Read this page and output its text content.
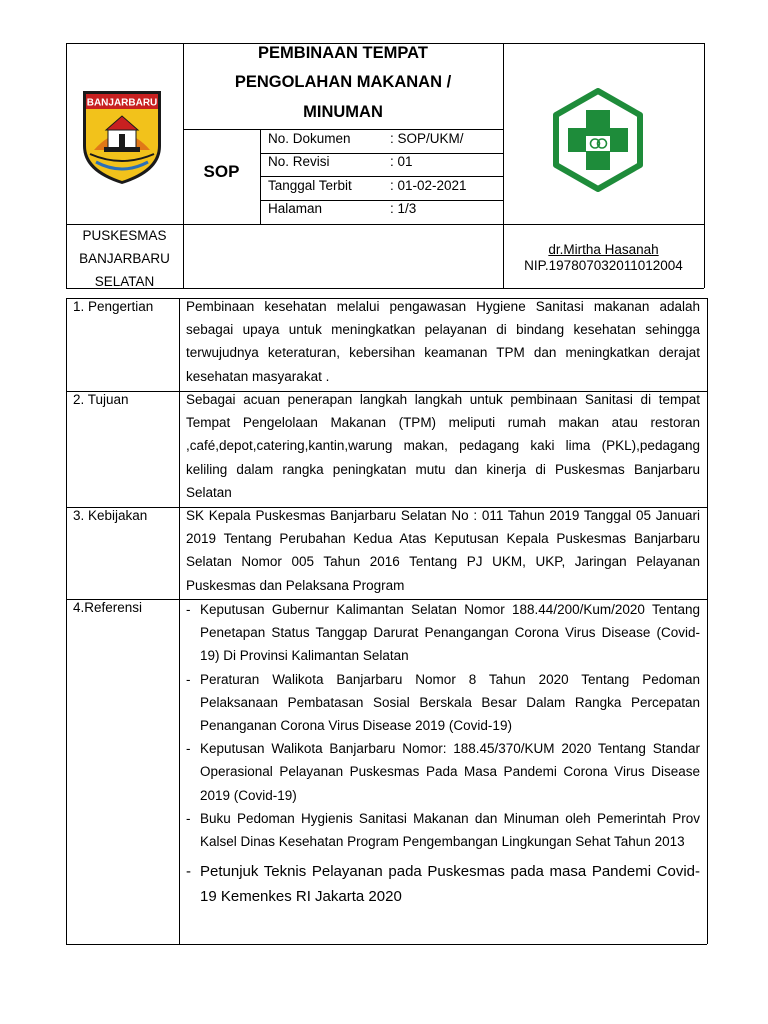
BANJARBARU
PEMBINAAN TEMPAT
PENGOLAHAN MAKANAN /
MINUMAN
SOP
No. Dokumen	: SOP/UKM/
No. Revisi	: 01
Tanggal Terbit	: 01-02-2021
Halaman	: 1/3
PUSKESMAS
BANJARBARU
SELATAN
dr.Mirtha Hasanah
NIP.197807032011012004
1. Pengertian Pembinaan kesehatan melalui pengawasan Hygiene Sanitasi makanan adalah sebagai upaya untuk meningkatkan pelayanan di bindang kesehatan sehingga terwujudnya keteraturan, kebersihan keamanan TPM dan meningkatkan derajat kesehatan masyarakat .
2. Tujuan	Sebagai acuan penerapan langkah langkah untuk pembinaan Sanitasi di tempat Tempat Pengelolaan Makanan (TPM) meliputi rumah makan atau restoran ,café,depot,catering,kantin,warung makan, pedagang kaki lima (PKL),pedagang keliling dalam rangka peningkatan mutu dan kinerja di Puskesmas Banjarbaru Selatan
3. Kebijakan	SK Kepala Puskesmas Banjarbaru Selatan No : 011 Tahun 2019 Tanggal 05 Januari 2019 Tentang Perubahan Kedua Atas Keputusan Kepala Puskesmas Banjarbaru Selatan Nomor 005 Tahun 2016 Tentang PJ UKM, UKP, Jaringan Pelayanan Puskesmas dan Pelaksana Program
4.Referensi	- Keputusan Gubernur Kalimantan Selatan Nomor 188.44/200/Kum/2020 Tentang Penetapan Status Tanggap Darurat Penangangan Corona Virus Disease (Covid-19) Di Provinsi Kalimantan Selatan

- Peraturan Walikota Banjarbaru Nomor 8 Tahun 2020 Tentang Pedoman Pelaksanaan Pembatasan Sosial Berskala Besar Dalam Rangka Percepatan Penanganan Corona Virus Disease 2019 (Covid-19)

- Keputusan Walikota Banjarbaru Nomor: 188.45/370/KUM 2020 Tentang Standar Operasional Pelayanan Puskesmas Pada Masa Pandemi Corona Virus Disease 2019 (Covid-19)

- Buku Pedoman Hygienis Sanitasi Makanan dan Minuman oleh Pemerintah Prov Kalsel Dinas Kesehatan Program Pengembangan Lingkungan Sehat Tahun 2013

- Petunjuk Teknis Pelayanan pada Puskesmas pada masa Pandemi Covid-19 Kemenkes RI Jakarta 2020
